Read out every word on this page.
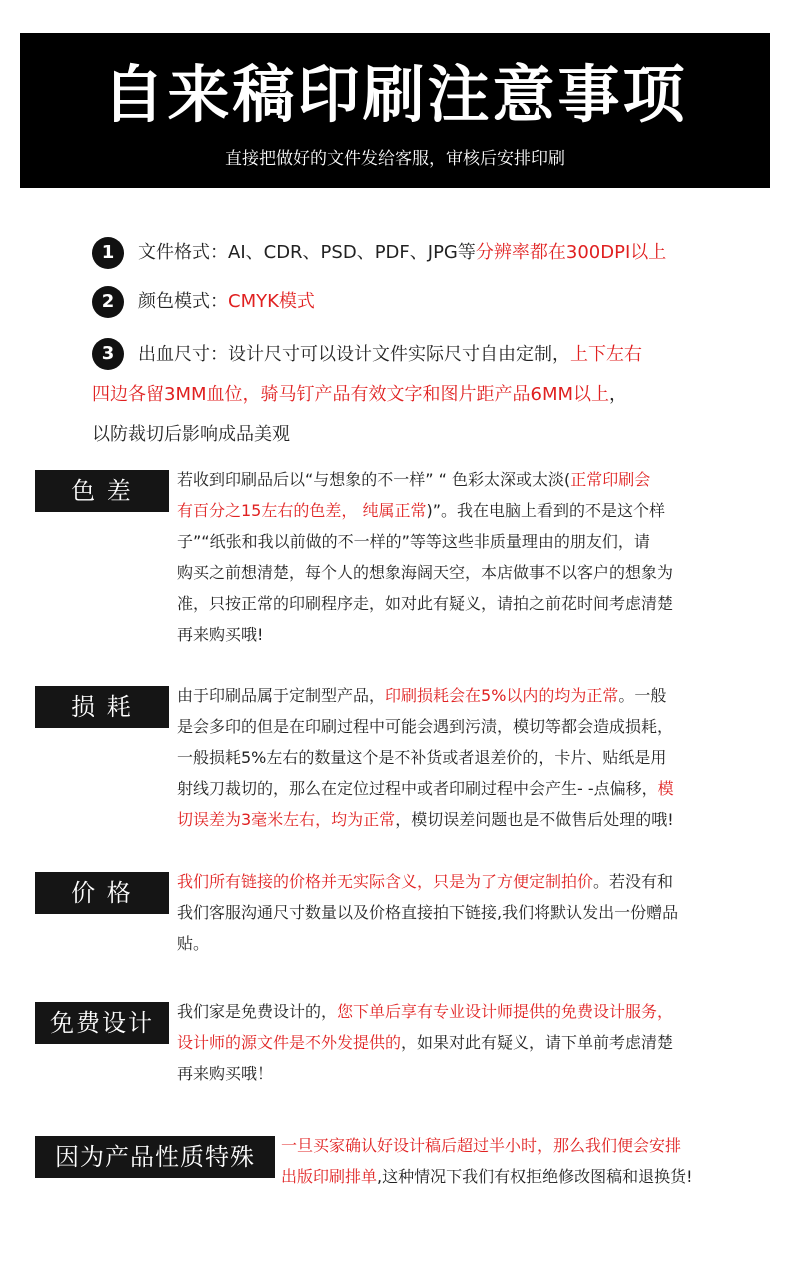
自来稿印刷注意事项
直接把做好的文件发给客服，审核后安排印刷
1	文件格式：AI、CDR、PSD、PDF、JPG等分辨率都在300DPI以上
2	颜色模式：CMYK模式
3	出血尺寸：设计尺寸可以设计文件实际尺寸自由定制，上下左右
四边各留3MM血位，骑马钉产品有效文字和图片距产品6MM以上，
以防裁切后影响成品美观
色 差	若收到印刷品后以“与想象的不一样” “ 色彩太深或太淡(正常印刷会
有百分之15左右的色差， 纯属正常)”。我在电脑上看到的不是这个样
子”“纸张和我以前做的不一样的”等等这些非质量理由的朋友们，请
购买之前想清楚，每个人的想象海阔天空，本店做事不以客户的想象为
准，只按正常的印刷程序走，如对此有疑义，请拍之前花时间考虑清楚
再来购买哦!
损 耗	由于印刷品属于定制型产品，印刷损耗会在5%以内的均为正常。一般
是会多印的但是在印刷过程中可能会遇到污渍，模切等都会造成损耗，
一般损耗5%左右的数量这个是不补货或者退差价的，卡片、贴纸是用
射线刀裁切的，那么在定位过程中或者印刷过程中会产生- -点偏移，模
切误差为3毫米左右，均为正常，模切误差问题也是不做售后处理的哦!
价 格	我们所有链接的价格并无实际含义，只是为了方便定制拍价。若没有和
我们客服沟通尺寸数量以及价格直接拍下链接,我们将默认发出一份赠品
贴。
免费设计	我们家是免费设计的，您下单后享有专业设计师提供的免费设计服务，
设计师的源文件是不外发提供的，如果对此有疑义，请下单前考虑清楚
再来购买哦！
因为产品性质特殊	一旦买家确认好设计稿后超过半小时，那么我们便会安排
出版印刷排单,这种情况下我们有权拒绝修改图稿和退换货!
